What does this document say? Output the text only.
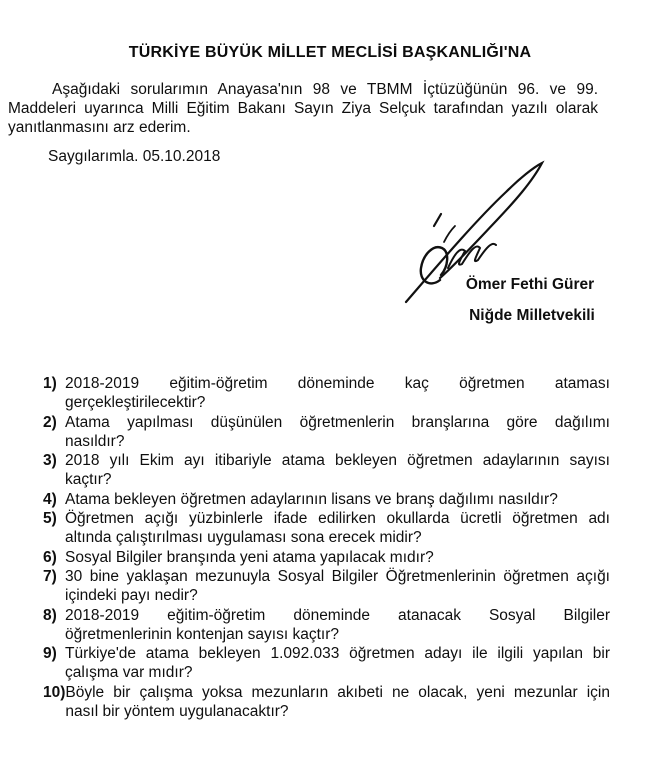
TÜRKİYE BÜYÜK MİLLET MECLİSİ BAŞKANLIĞI'NA
Aşağıdaki sorularımın Anayasa'nın 98 ve TBMM İçtüzüğünün 96. ve 99.
Maddeleri uyarınca Milli Eğitim Bakanı Sayın Ziya Selçuk tarafından yazılı olarak
yanıtlanmasını arz ederim.
Saygılarımla. 05.10.2018
Ömer Fethi Gürer
Niğde Milletvekili
1) 2018-2019 eğitim-öğretim döneminde kaç öğretmen ataması
gerçekleştirilecektir?
2) Atama yapılması düşünülen öğretmenlerin branşlarına göre dağılımı
nasıldır?
3) 2018 yılı Ekim ayı itibariyle atama bekleyen öğretmen adaylarının sayısı
kaçtır?
4) Atama bekleyen öğretmen adaylarının lisans ve branş dağılımı nasıldır?
5) Öğretmen açığı yüzbinlerle ifade edilirken okullarda ücretli öğretmen adı
altında çalıştırılması uygulaması sona erecek midir?
6) Sosyal Bilgiler branşında yeni atama yapılacak mıdır?
7) 30 bine yaklaşan mezunuyla Sosyal Bilgiler Öğretmenlerinin öğretmen açığı
içindeki payı nedir?
8) 2018-2019 eğitim-öğretim döneminde atanacak Sosyal Bilgiler
öğretmenlerinin kontenjan sayısı kaçtır?
9) Türkiye'de atama bekleyen 1.092.033 öğretmen adayı ile ilgili yapılan bir
çalışma var mıdır?
10) Böyle bir çalışma yoksa mezunların akıbeti ne olacak, yeni mezunlar için
nasıl bir yöntem uygulanacaktır?
